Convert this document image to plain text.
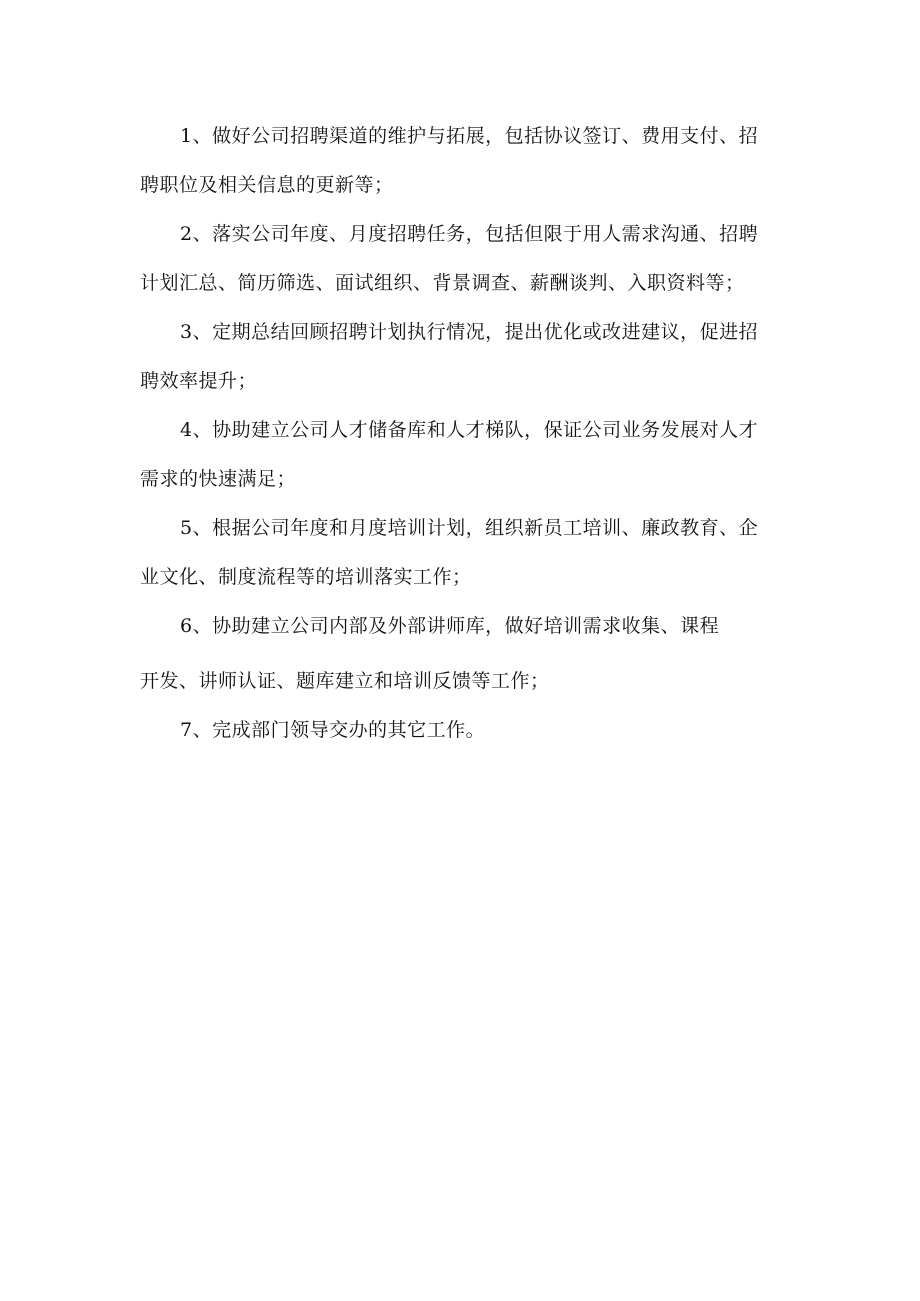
1、做好公司招聘渠道的维护与拓展，包括协议签订、费用支付、招
聘职位及相关信息的更新等；

2、落实公司年度、月度招聘任务，包括但限于用人需求沟通、招聘
计划汇总、简历筛选、面试组织、背景调查、薪酬谈判、入职资料等；

3、定期总结回顾招聘计划执行情况，提出优化或改进建议，促进招
聘效率提升；

4、协助建立公司人才储备库和人才梯队，保证公司业务发展对人才
需求的快速满足；

5、根据公司年度和月度培训计划，组织新员工培训、廉政教育、企
业文化、制度流程等的培训落实工作；

6、协助建立公司内部及外部讲师库，做好培训需求收集、课程
开发、讲师认证、题库建立和培训反馈等工作；

7、完成部门领导交办的其它工作。
